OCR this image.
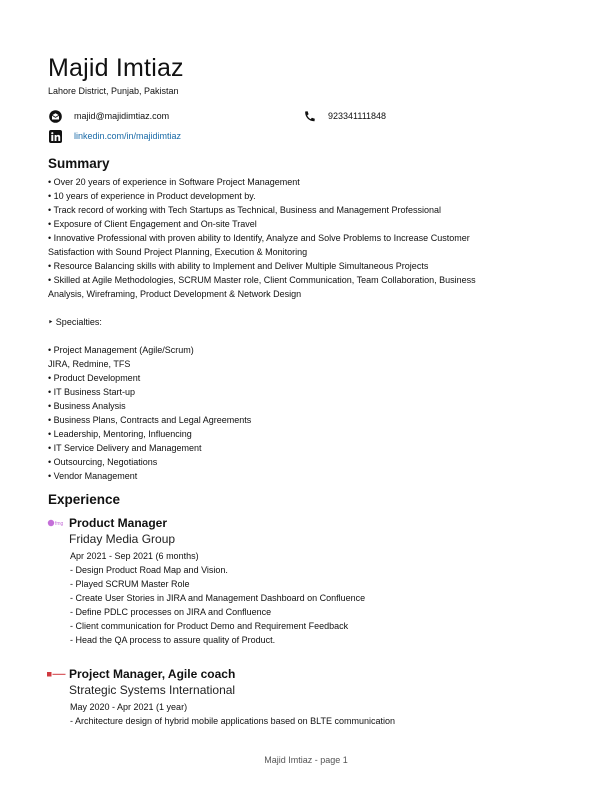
Majid Imtiaz
Lahore District, Punjab, Pakistan
majid@majidimtiaz.com	923341111848
linkedin.com/in/majidimtiaz
Summary
• Over 20 years of experience in Software Project Management
• 10 years of experience in Product development by.
• Track record of working with Tech Startups as Technical, Business and Management Professional
• Exposure of Client Engagement and On-site Travel
• Innovative Professional with proven ability to Identify, Analyze and Solve Problems to Increase Customer
Satisfaction with Sound Project Planning, Execution & Monitoring
• Resource Balancing skills with ability to Implement and Deliver Multiple Simultaneous Projects
• Skilled at Agile Methodologies, SCRUM Master role, Client Communication, Team Collaboration, Business
Analysis, Wireframing, Product Development & Network Design
‣ Specialties:
• Project Management (Agile/Scrum)
JIRA, Redmine, TFS
• Product Development
• IT Business Start-up
• Business Analysis
• Business Plans, Contracts and Legal Agreements
• Leadership, Mentoring, Influencing
• IT Service Delivery and Management
• Outsourcing, Negotiations
• Vendor Management
Experience
fmg Product Manager
Friday Media Group
Apr 2021 - Sep 2021 (6 months)
- Design Product Road Map and Vision.
- Played SCRUM Master Role
- Create User Stories in JIRA and Management Dashboard on Confluence
- Define PDLC processes on JIRA and Confluence
- Client communication for Product Demo and Requirement Feedback
- Head the QA process to assure quality of Product.
Project Manager, Agile coach
Strategic Systems International
May 2020 - Apr 2021 (1 year)
- Architecture design of hybrid mobile applications based on BLTE communication
Majid Imtiaz - page 1
